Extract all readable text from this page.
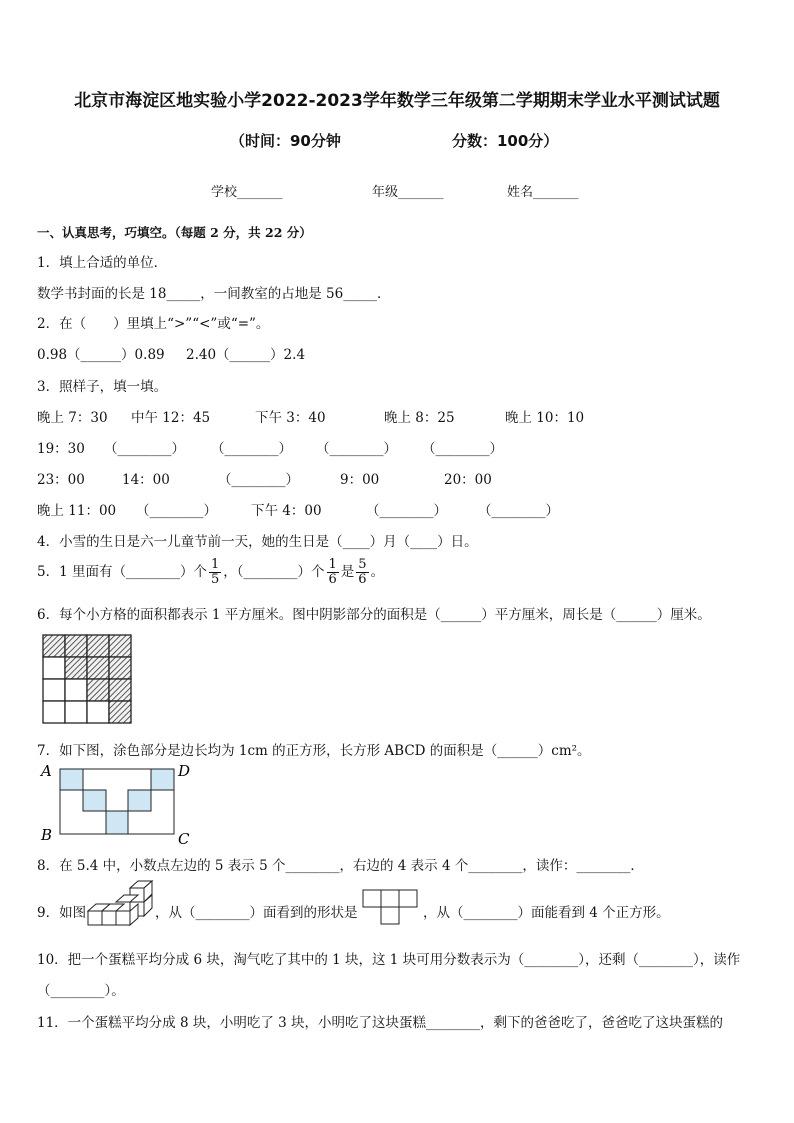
北京市海淀区地实验小学2022-2023学年数学三年级第二学期期末学业水平测试试题
（时间：90分钟	分数：100分）
学校_______	年级_______	姓名_______
一、认真思考，巧填空。（每题 2 分，共 22 分）
1．填上合适的单位．
数学书封面的长是 18_____，一间教室的占地是 56_____．
2．在（　　）里填上“>”“<”或“=”。
0.98（______）0.89 2.40（______）2.4
3．照样子，填一填。
晚上 7：30 中午 12：45	下午 3：40	晚上 8：25	晚上 10：10
19：30 （________） （________） （________） （________）
23：00	14：00	（________）	9：00	20：00
晚上 11：00 （________）	下午 4：00	（________） （________）
4．小雪的生日是六一儿童节前一天，她的生日是（____）月（____）日。
5．1 里面有（________）个 $\frac{1}{5}$ ，（________）个 $\frac{1}{6}$ 是 $\frac{5}{6}$ 。
6．每个小方格的面积都表示 1 平方厘米。图中阴影部分的面积是（______）平方厘米，周长是（______）厘米。
7．如下图，涂色部分是边长均为 1cm 的正方形，长方形 ABCD 的面积是（______）cm²。
A	D
B	C
8．在 5.4 中，小数点左边的 5 表示 5 个________，右边的 4 表示 4 个________，读作：________．
9．如图	，从（________）面看到的形状是	，从（________）面能看到 4 个正方形。
10．把一个蛋糕平均分成 6 块，淘气吃了其中的 1 块，这 1 块可用分数表示为（________），还剩（________），读作
（________）。
11．一个蛋糕平均分成 8 块，小明吃了 3 块，小明吃了这块蛋糕________，剩下的爸爸吃了，爸爸吃了这块蛋糕的
